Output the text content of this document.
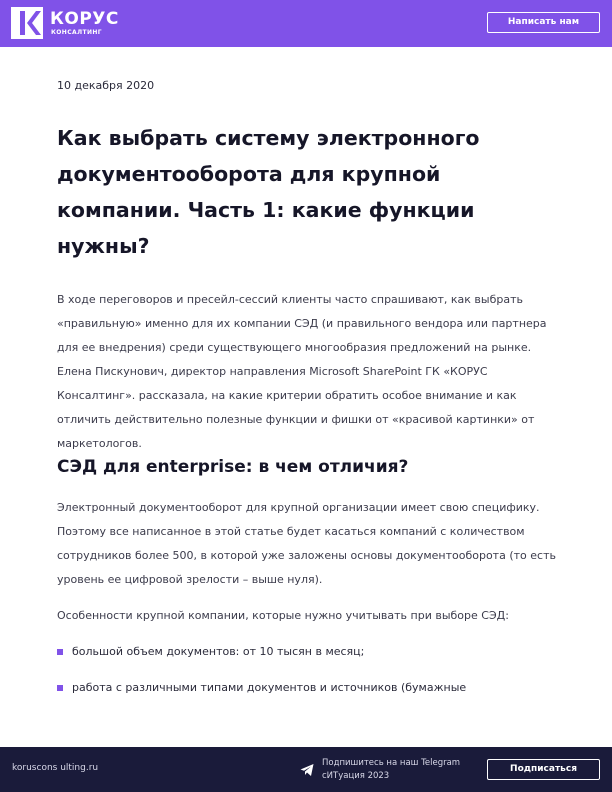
КОРУС
КОНСАЛТИНГ
Написать нам
10 декабря 2020
Как выбрать систему электронного документооборота для крупной компании. Часть 1: какие функции нужны?

В ходе переговоров и пресейл-сессий клиенты часто спрашивают, как выбрать «правильную» именно для их компании СЭД (и правильного вендора или партнера для ее внедрения) среди существующего многообразия предложений на рынке. Елена Пискунович, директор направления Microsoft SharePoint ГК «КОРУС Консалтинг». рассказала, на какие критерии обратить особое внимание и как отличить действительно полезные функции и фишки от «красивой картинки» от маркетологов.

СЭД для enterprise: в чем отличия?

Электронный документооборот для крупной организации имеет свою специфику. Поэтому все написанное в этой статье будет касаться компаний с количеством сотрудников более 500, в которой уже заложены основы документооборота (то есть уровень ее цифровой зрелости – выше нуля).

Особенности крупной компании, которые нужно учитывать при выборе СЭД:

большой объем документов: от 10 тысян в месяц;
работа с различными типами документов и источников (бумажные
koruscons ulting.ru	Подпишитесь на наш Telegram
сИТуация 2023
Подписаться
